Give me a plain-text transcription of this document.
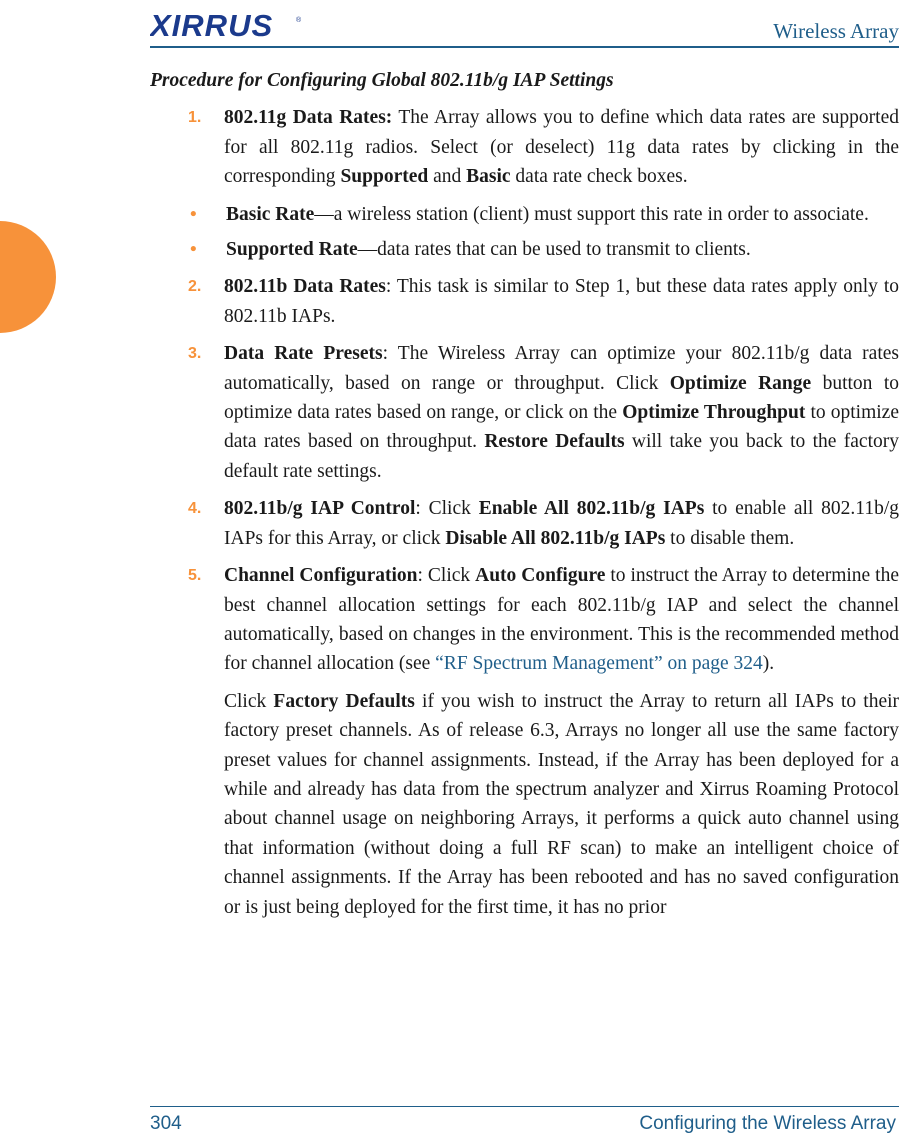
XIRRUS	®	Wireless Array
Procedure for Configuring Global 802.11b/g IAP Settings
1. 802.11g Data Rates: The Array allows you to define which data rates are supported for all 802.11g radios. Select (or deselect) 11g data rates by clicking in the corresponding Supported and Basic data rate check boxes.
• Basic Rate—a wireless station (client) must support this rate in order to associate.
• Supported Rate—data rates that can be used to transmit to clients.
2. 802.11b Data Rates: This task is similar to Step 1, but these data rates apply only to 802.11b IAPs.
3. Data Rate Presets: The Wireless Array can optimize your 802.11b/g data rates automatically, based on range or throughput. Click Optimize Range button to optimize data rates based on range, or click on the Optimize Throughput to optimize data rates based on throughput. Restore Defaults will take you back to the factory default rate settings.
4. 802.11b/g IAP Control: Click Enable All 802.11b/g IAPs to enable all 802.11b/g IAPs for this Array, or click Disable All 802.11b/g IAPs to disable them.
5. Channel Configuration: Click Auto Configure to instruct the Array to determine the best channel allocation settings for each 802.11b/g IAP and select the channel automatically, based on changes in the environment. This is the recommended method for channel allocation (see “RF Spectrum Management” on page 324).

Click Factory Defaults if you wish to instruct the Array to return all IAPs to their factory preset channels. As of release 6.3, Arrays no longer all use the same factory preset values for channel assignments. Instead, if the Array has been deployed for a while and already has data from the spectrum analyzer and Xirrus Roaming Protocol about channel usage on neighboring Arrays, it performs a quick auto channel using that information (without doing a full RF scan) to make an intelligent choice of channel assignments. If the Array has been rebooted and has no saved configuration or is just being deployed for the first time, it has no prior

304	Configuring the Wireless Array
